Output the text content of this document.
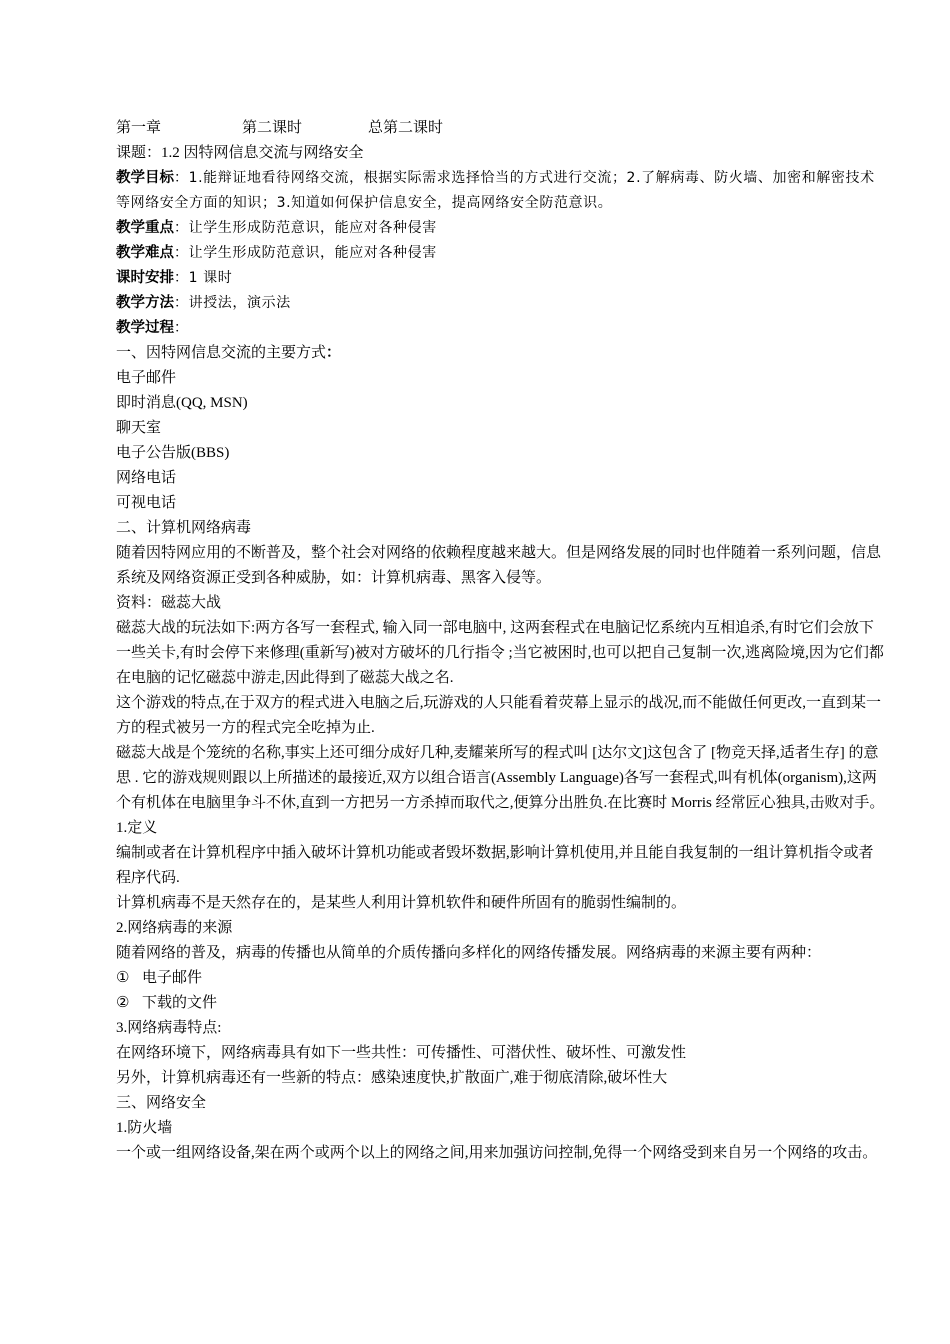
第一章	第二课时	总第二课时
课题：1.2 因特网信息交流与网络安全
教学目标：1.能辩证地看待网络交流，根据实际需求选择恰当的方式进行交流；2.了解病毒、防火墙、加密和解密技术等网络安全方面的知识；3.知道如何保护信息安全，提高网络安全防范意识。
教学重点：让学生形成防范意识，能应对各种侵害
教学难点：让学生形成防范意识，能应对各种侵害
课时安排：1 课时
教学方法：讲授法，演示法
教学过程：
一、因特网信息交流的主要方式：
电子邮件
即时消息(QQ, MSN)
聊天室
电子公告版(BBS)
网络电话
可视电话
二、计算机网络病毒
随着因特网应用的不断普及，整个社会对网络的依赖程度越来越大。但是网络发展的同时也伴随着一系列问题，信息系统及网络资源正受到各种威胁，如：计算机病毒、黑客入侵等。
资料：磁蕊大战
磁蕊大战的玩法如下:两方各写一套程式, 输入同一部电脑中, 这两套程式在电脑记忆系统内互相追杀,有时它们会放下一些关卡,有时会停下来修理(重新写)被对方破坏的几行指令 ;当它被困时,也可以把自己复制一次,逃离险境,因为它们都在电脑的记忆磁蕊中游走,因此得到了磁蕊大战之名.
这个游戏的特点,在于双方的程式进入电脑之后,玩游戏的人只能看着荧幕上显示的战况,而不能做任何更改,一直到某一方的程式被另一方的程式完全吃掉为止.
磁蕊大战是个笼统的名称,事实上还可细分成好几种,麦耀莱所写的程式叫 [达尔文]这包含了 [物竞天择,适者生存] 的意思 . 它的游戏规则跟以上所描述的最接近,双方以组合语言(Assembly Language)各写一套程式,叫有机体(organism),这两个有机体在电脑里争斗不休,直到一方把另一方杀掉而取代之,便算分出胜负.在比赛时 Morris 经常匠心独具,击败对手。
1.定义
编制或者在计算机程序中插入破坏计算机功能或者毁坏数据,影响计算机使用,并且能自我复制的一组计算机指令或者程序代码.
计算机病毒不是天然存在的，是某些人利用计算机软件和硬件所固有的脆弱性编制的。
2.网络病毒的来源
随着网络的普及，病毒的传播也从简单的介质传播向多样化的网络传播发展。网络病毒的来源主要有两种：
① 电子邮件
② 下载的文件
3.网络病毒特点:
在网络环境下，网络病毒具有如下一些共性：可传播性、可潜伏性、破坏性、可激发性
另外，计算机病毒还有一些新的特点：感染速度快,扩散面广,难于彻底清除,破坏性大
三、网络安全
1.防火墙
一个或一组网络设备,架在两个或两个以上的网络之间,用来加强访问控制,免得一个网络受到来自另一个网络的攻击。
